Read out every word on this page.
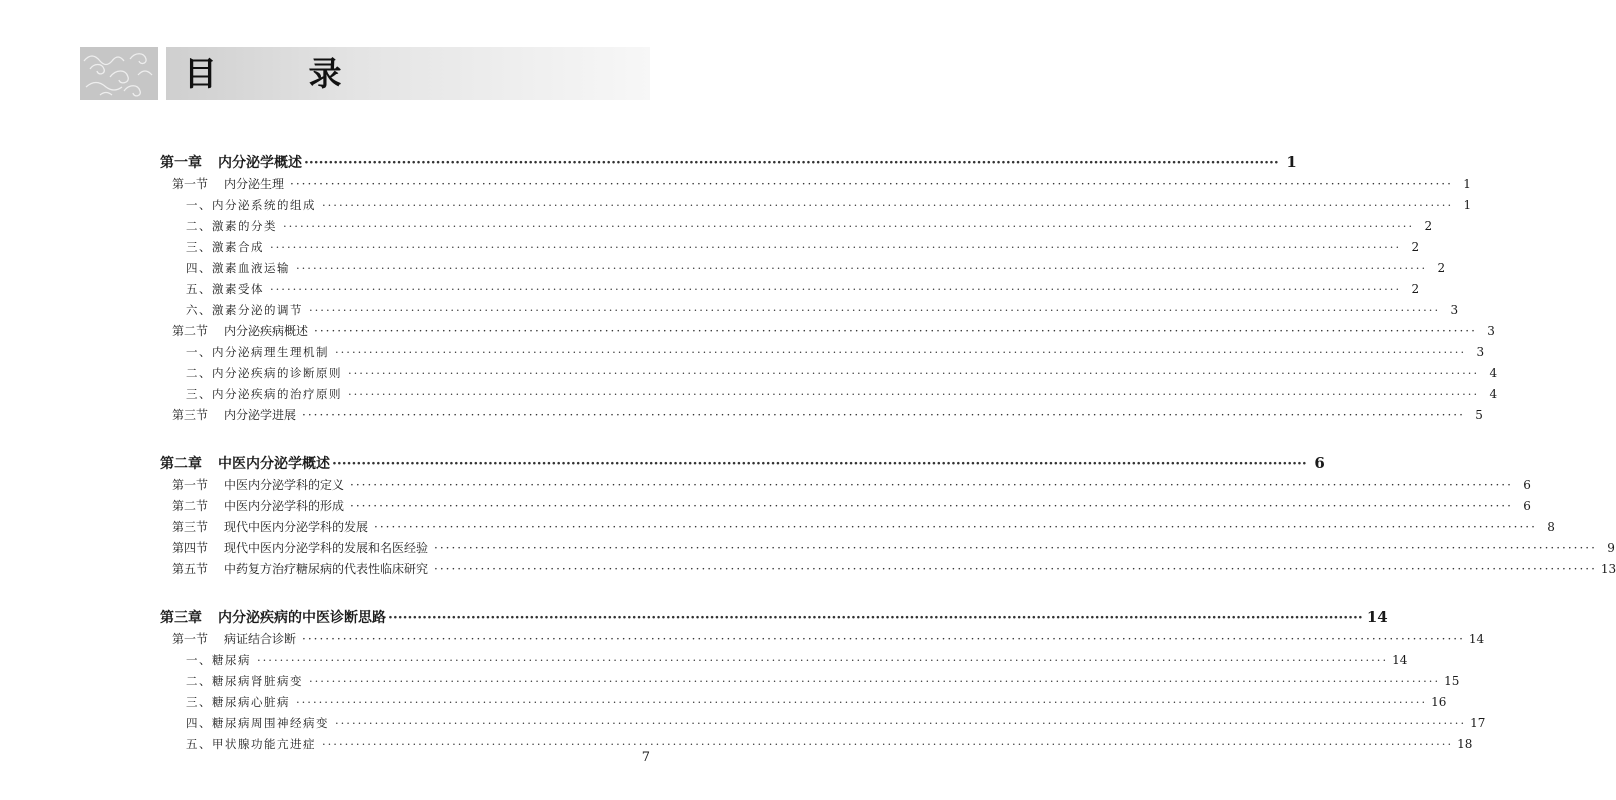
目 录
第一章	内分泌学概述 ········································································································································································································ 1
第一节	内分泌生理 ········································································································································································································ 1
一、内分泌系统的组成 ········································································································································································································ 1
二、激素的分类 ········································································································································································································ 2
三、激素合成 ········································································································································································································ 2
四、激素血液运输 ········································································································································································································ 2
五、激素受体 ········································································································································································································ 2
六、激素分泌的调节 ········································································································································································································ 3
第二节	内分泌疾病概述 ········································································································································································································ 3
一、内分泌病理生理机制 ········································································································································································································ 3
二、内分泌疾病的诊断原则 ········································································································································································································ 4
三、内分泌疾病的治疗原则 ········································································································································································································ 4
第三节	内分泌学进展 ········································································································································································································ 5
第二章	中医内分泌学概述 ········································································································································································································ 6
第一节	中医内分泌学科的定义 ········································································································································································································ 6
第二节	中医内分泌学科的形成 ········································································································································································································ 6
第三节	现代中医内分泌学科的发展 ········································································································································································································ 8
第四节	现代中医内分泌学科的发展和名医经验 ········································································································································································································ 9
第五节	中药复方治疗糖尿病的代表性临床研究 ········································································································································································································ 13
第三章	内分泌疾病的中医诊断思路 ········································································································································································································ 14
第一节	病证结合诊断 ········································································································································································································ 14
一、糖尿病 ········································································································································································································ 14
二、糖尿病肾脏病变 ········································································································································································································ 15
三、糖尿病心脏病 ········································································································································································································ 16
四、糖尿病周围神经病变 ········································································································································································································ 17
五、甲状腺功能亢进症 ········································································································································································································ 18
7
